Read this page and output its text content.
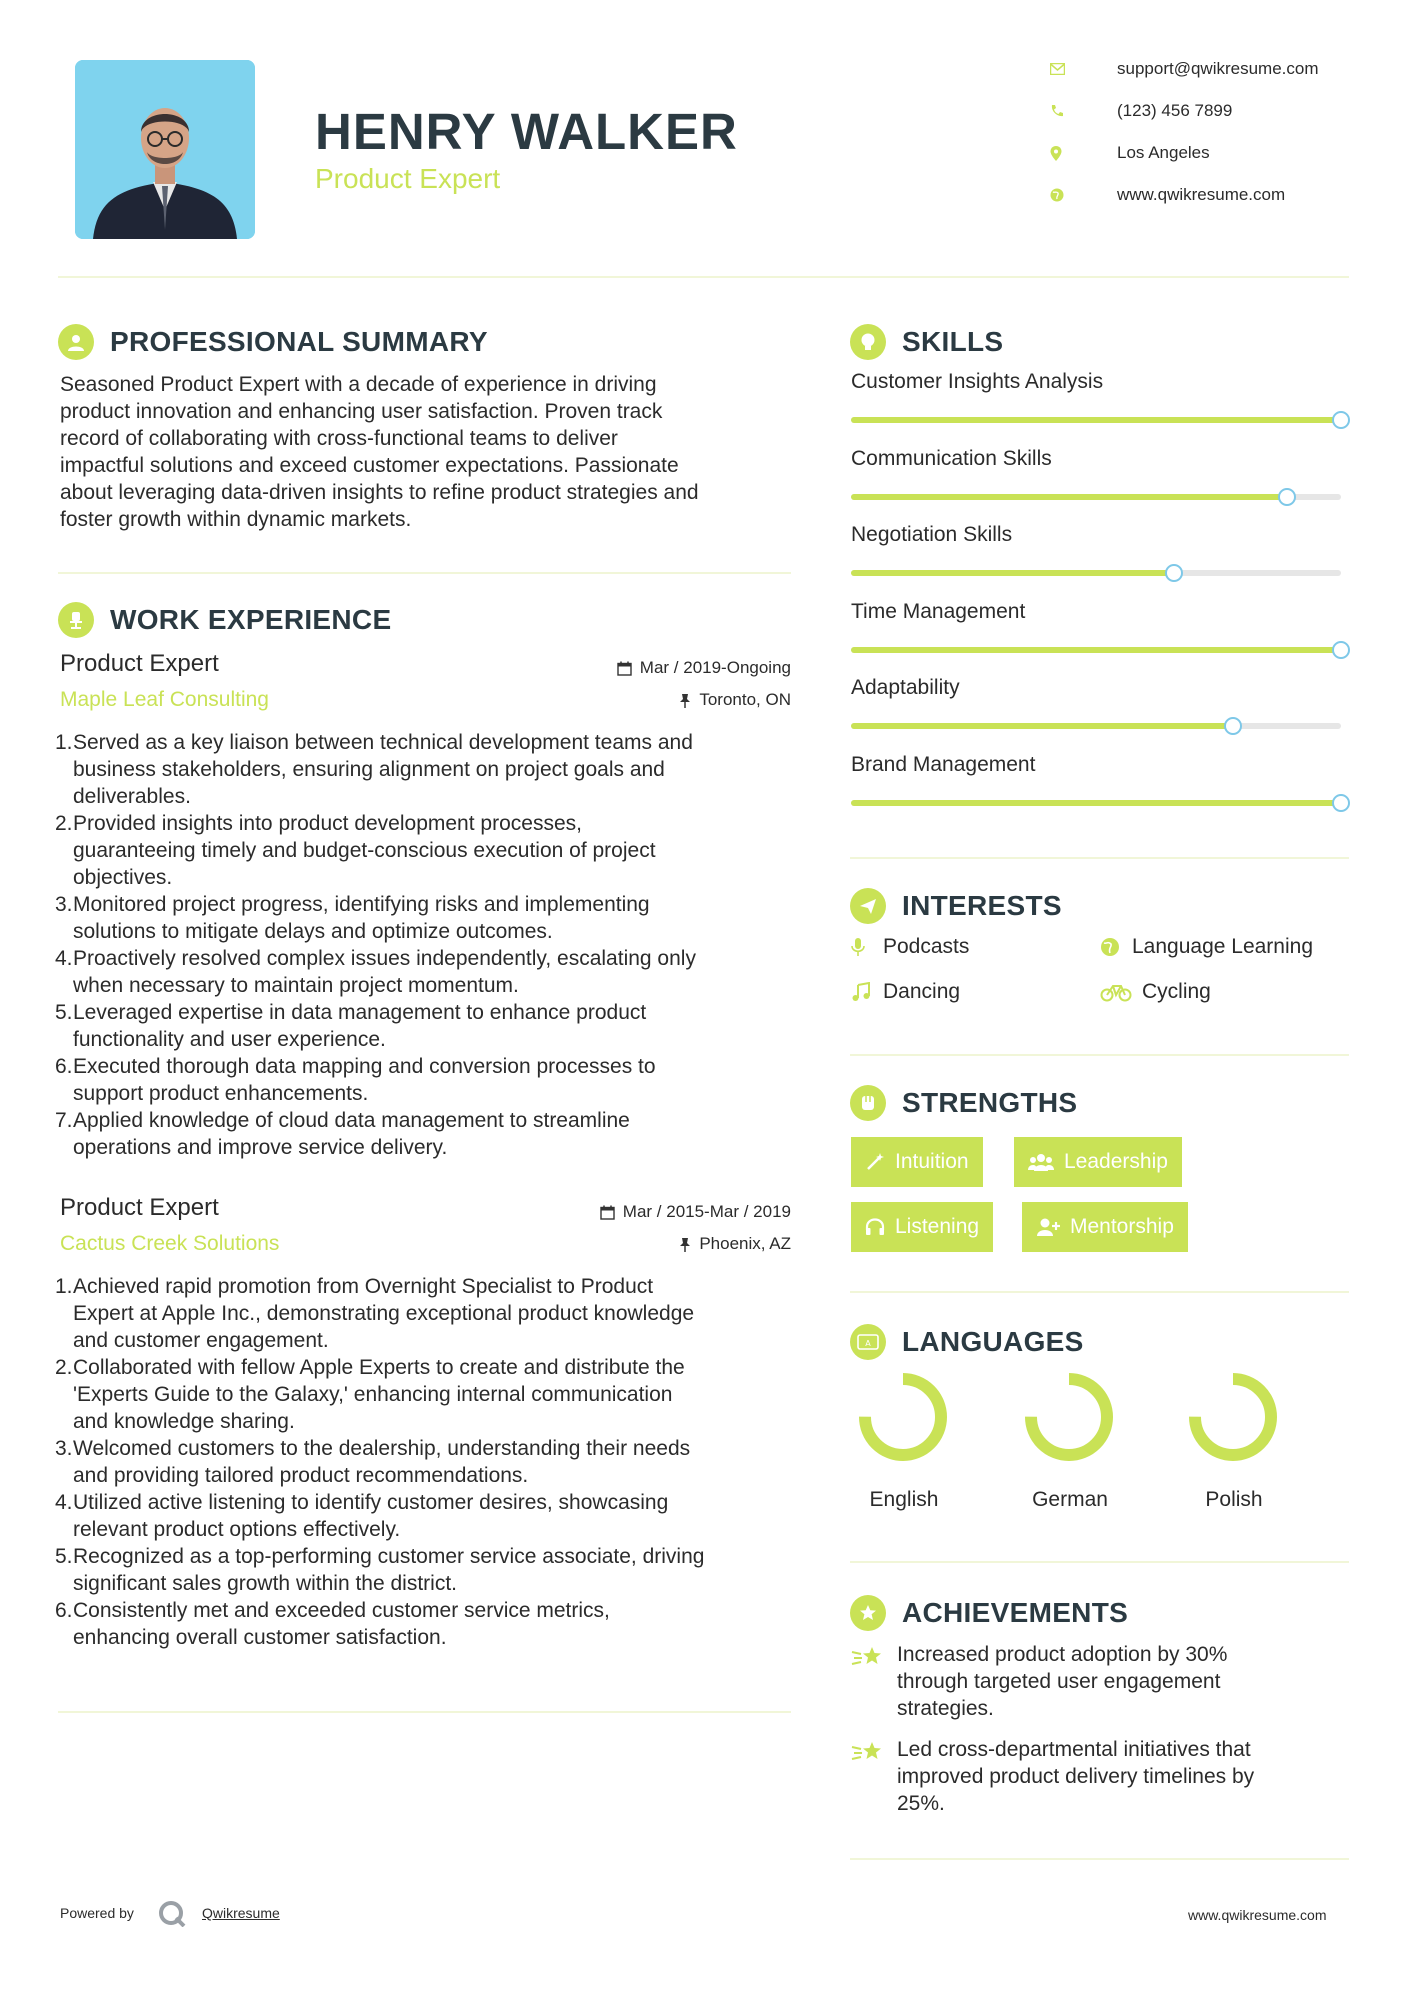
HENRY WALKER
Product Expert
support@qwikresume.com
(123) 456 7899
Los Angeles
www.qwikresume.com
PROFESSIONAL SUMMARY
Seasoned Product Expert with a decade of experience in driving
product innovation and enhancing user satisfaction. Proven track
record of collaborating with cross-functional teams to deliver
impactful solutions and exceed customer expectations. Passionate
about leveraging data-driven insights to refine product strategies and
foster growth within dynamic markets.
WORK EXPERIENCE
Product Expert
Maple Leaf Consulting
Mar / 2019-Ongoing
Toronto, ON
1. Served as a key liaison between technical development teams and
business stakeholders, ensuring alignment on project goals and
deliverables.
2. Provided insights into product development processes,
guaranteeing timely and budget-conscious execution of project
objectives.
3. Monitored project progress, identifying risks and implementing
solutions to mitigate delays and optimize outcomes.
4. Proactively resolved complex issues independently, escalating only
when necessary to maintain project momentum.
5. Leveraged expertise in data management to enhance product
functionality and user experience.
6. Executed thorough data mapping and conversion processes to
support product enhancements.
7. Applied knowledge of cloud data management to streamline
operations and improve service delivery.
Product Expert
Cactus Creek Solutions
Mar / 2015-Mar / 2019
Phoenix, AZ
1. Achieved rapid promotion from Overnight Specialist to Product
Expert at Apple Inc., demonstrating exceptional product knowledge
and customer engagement.
2. Collaborated with fellow Apple Experts to create and distribute the
'Experts Guide to the Galaxy,' enhancing internal communication
and knowledge sharing.
3. Welcomed customers to the dealership, understanding their needs
and providing tailored product recommendations.
4. Utilized active listening to identify customer desires, showcasing
relevant product options effectively.
5. Recognized as a top-performing customer service associate, driving
significant sales growth within the district.
6. Consistently met and exceeded customer service metrics,
enhancing overall customer satisfaction.
SKILLS
Customer Insights Analysis
Communication Skills
Negotiation Skills
Time Management
Adaptability
Brand Management
INTERESTS
Podcasts	Language Learning
Dancing	Cycling
STRENGTHS
Intuition	Leadership
Listening	Mentorship
A LANGUAGES
English	German	Polish
ACHIEVEMENTS
Increased product adoption by 30%
through targeted user engagement
strategies.
Led cross-departmental initiatives that
improved product delivery timelines by
25%.
Powered by	Qwikresume	www.qwikresume.com
